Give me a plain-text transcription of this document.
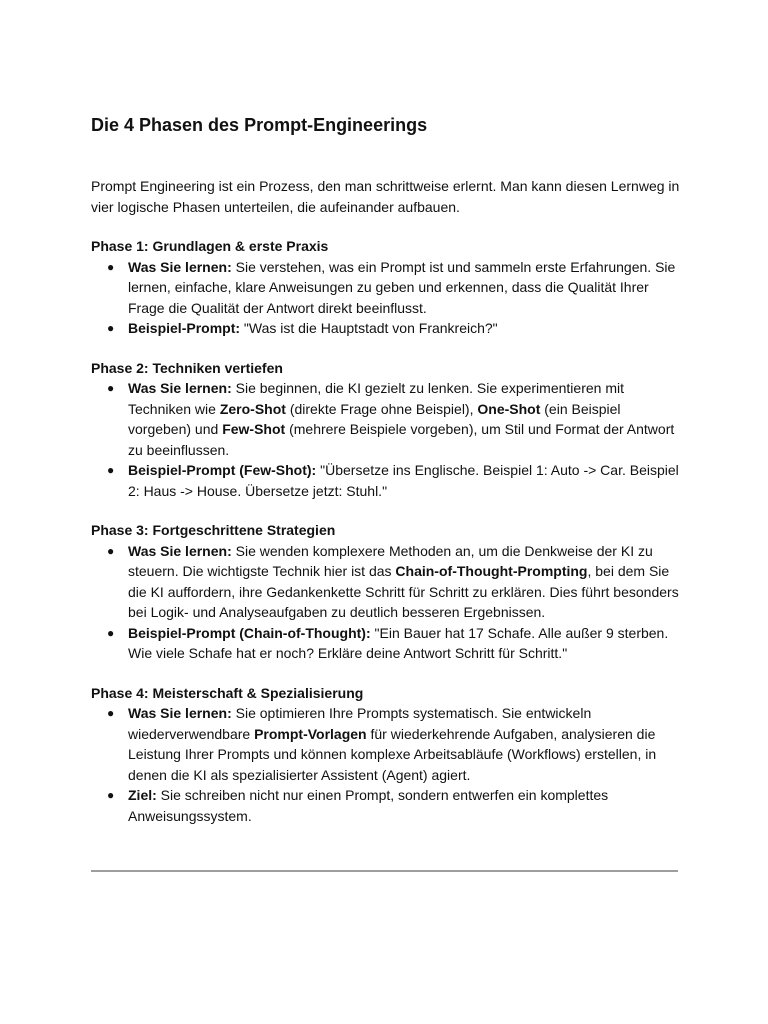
Die 4 Phasen des Prompt-Engineerings

Prompt Engineering ist ein Prozess, den man schrittweise erlernt. Man kann diesen Lernweg in vier logische Phasen unterteilen, die aufeinander aufbauen.

Phase 1: Grundlagen & erste Praxis

● Was Sie lernen: Sie verstehen, was ein Prompt ist und sammeln erste Erfahrungen. Sie lernen, einfache, klare Anweisungen zu geben und erkennen, dass die Qualität Ihrer Frage die Qualität der Antwort direkt beeinflusst.
● Beispiel-Prompt: "Was ist die Hauptstadt von Frankreich?"

Phase 2: Techniken vertiefen

● Was Sie lernen: Sie beginnen, die KI gezielt zu lenken. Sie experimentieren mit Techniken wie Zero-Shot (direkte Frage ohne Beispiel), One-Shot (ein Beispiel vorgeben) und Few-Shot (mehrere Beispiele vorgeben), um Stil und Format der Antwort zu beeinflussen.
● Beispiel-Prompt (Few-Shot): "Übersetze ins Englische. Beispiel 1: Auto -> Car. Beispiel 2: Haus -> House. Übersetze jetzt: Stuhl."

Phase 3: Fortgeschrittene Strategien

● Was Sie lernen: Sie wenden komplexere Methoden an, um die Denkweise der KI zu steuern. Die wichtigste Technik hier ist das Chain-of-Thought-Prompting, bei dem Sie die KI auffordern, ihre Gedankenkette Schritt für Schritt zu erklären. Dies führt besonders bei Logik- und Analyseaufgaben zu deutlich besseren Ergebnissen.
● Beispiel-Prompt (Chain-of-Thought): "Ein Bauer hat 17 Schafe. Alle außer 9 sterben. Wie viele Schafe hat er noch? Erkläre deine Antwort Schritt für Schritt."

Phase 4: Meisterschaft & Spezialisierung

● Was Sie lernen: Sie optimieren Ihre Prompts systematisch. Sie entwickeln wiederverwendbare Prompt-Vorlagen für wiederkehrende Aufgaben, analysieren die Leistung Ihrer Prompts und können komplexe Arbeitsabläufe (Workflows) erstellen, in denen die KI als spezialisierter Assistent (Agent) agiert.
● Ziel: Sie schreiben nicht nur einen Prompt, sondern entwerfen ein komplettes Anweisungssystem.
